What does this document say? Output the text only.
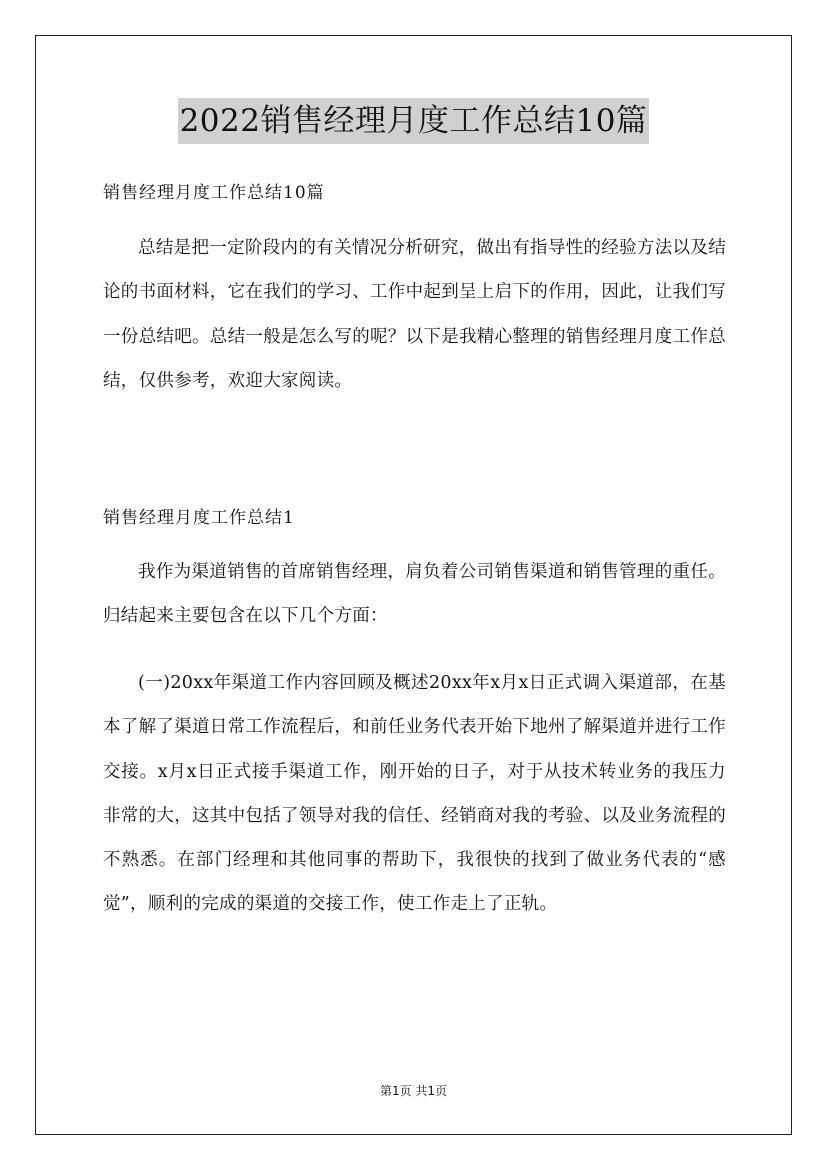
2022销售经理月度工作总结10篇
销售经理月度工作总结10篇

总结是把一定阶段内的有关情况分析研究，做出有指导性的经验方法以及结论的书面材料，它在我们的学习、工作中起到呈上启下的作用，因此，让我们写一份总结吧。总结一般是怎么写的呢？以下是我精心整理的销售经理月度工作总结，仅供参考，欢迎大家阅读。

销售经理月度工作总结1

我作为渠道销售的首席销售经理，肩负着公司销售渠道和销售管理的重任。归结起来主要包含在以下几个方面：

(一)20xx年渠道工作内容回顾及概述20xx年x月x日正式调入渠道部，在基本了解了渠道日常工作流程后，和前任业务代表开始下地州了解渠道并进行工作交接。x月x日正式接手渠道工作，刚开始的日子，对于从技术转业务的我压力非常的大，这其中包括了领导对我的信任、经销商对我的考验、以及业务流程的不熟悉。在部门经理和其他同事的帮助下，我很快的找到了做业务代表的“感觉”，顺利的完成的渠道的交接工作，使工作走上了正轨。

第1页 共1页
